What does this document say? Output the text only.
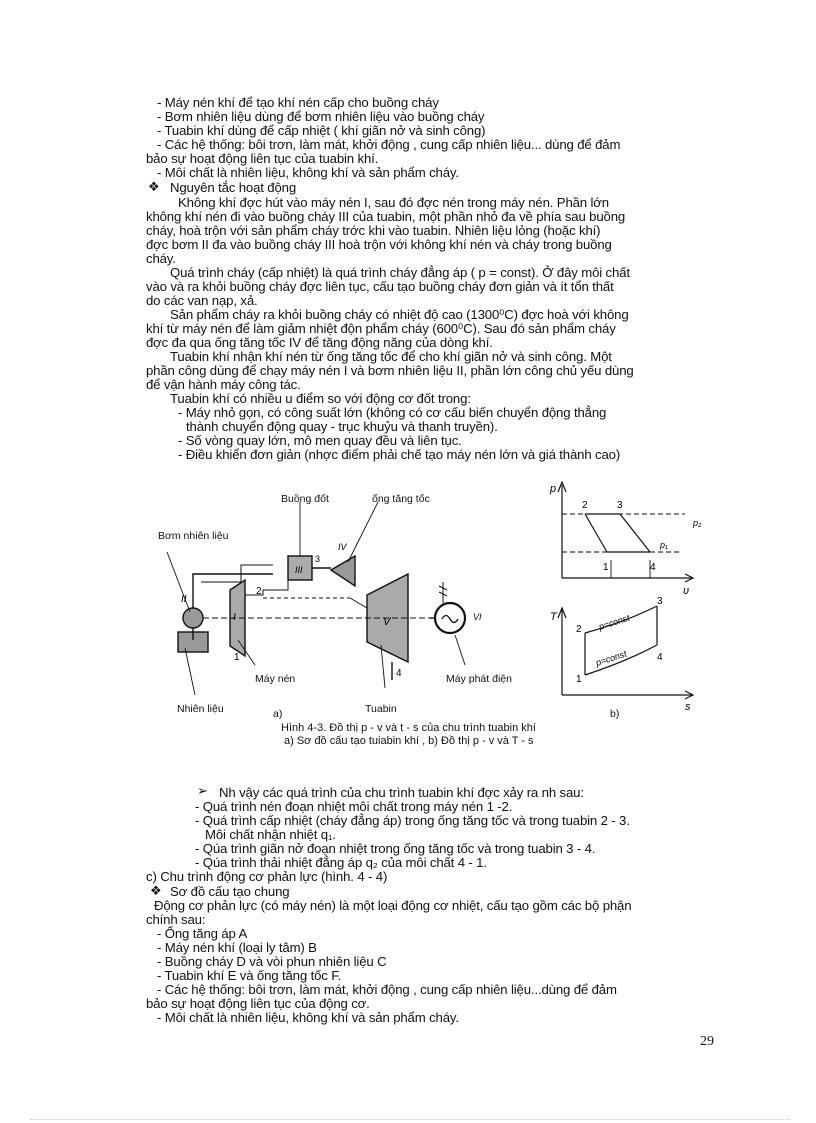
- Máy nén khí để tạo khí nén cấp cho buồng cháy
- Bơm nhiên liệu dùng để bơm nhiên liệu vào buồng cháy
- Tuabin khí dùng để cấp nhiệt ( khí giãn nở và sinh công)
- Các hệ thống: bôi trơn, làm mát, khởi động , cung cấp nhiên liệu... dùng để đảm
bảo sự hoạt động liên tục của tuabin khí.
- Môi chất là nhiên liệu, không khí và sản phẩm cháy.
❖ Nguyên tắc hoạt động
Không khí đợc hút vào máy nén I, sau đó đợc nén trong máy nén. Phần lớn
không khí nén đi vào buồng cháy III của tuabin, một phần nhỏ đa về phía sau buồng
cháy, hoà trộn với sản phẩm cháy trớc khi vào tuabin. Nhiên liệu lỏng (hoặc khí)
đợc bơm II đa vào buồng cháy III hoà trộn với không khí nén và cháy trong buồng
cháy.
Quá trình cháy (cấp nhiệt) là quá trình cháy đẳng áp ( p = const). Ở đây môi chất
vào và ra khỏi buồng cháy đợc liên tục, cấu tạo buồng cháy đơn giản và ít tổn thất
do các van nạp, xả.
Sản phẩm cháy ra khỏi buồng cháy có nhiệt độ cao (1300⁰C) đợc hoà với không
khí từ máy nén để làm giảm nhiệt độn phẩm cháy (600⁰C). Sau đó sản phẩm cháy
đợc đa qua ống tăng tốc IV để tăng động năng của dòng khí.
Tuabin khí nhận khí nén từ ống tăng tốc để cho khí giãn nở và sinh công. Một
phần công dùng để chạy máy nén I và bơm nhiên liệu II, phần lớn công chủ yếu dùng
để vận hành máy công tác.
Tuabin khí có nhiều u điểm so với động cơ đốt trong:
- Máy nhỏ gọn, có công suất lớn (không có cơ cấu biến chuyển động thẳng
thành chuyển động quay - trục khuỷu và thanh truyền).
- Số vòng quay lớn, mô men quay đều và liên tục.
- Điều khiển đơn giản (nhợc điểm phải chế tạo máy nén lớn và giá thành cao)
II
I
III
IV
V	VI
1
2
3
4
p
υ
p₂
p₁
1
2	3
4
T
s
p=const
p=const
1
2
3
4
Buồng đốt	ống tăng tốc
Bơm nhiên liệu
Máy nén	Máy phát điện
Nhiên liệu	Tuabin
a)	b)
Hình 4-3. Đồ thị p - v và t - s của chu trình tuabin khí
a) Sơ đồ cấu tạo tuiabin khí , b) Đồ thị p - v và T - s
➢ Nh vậy các quá trình của chu trình tuabin khí đợc xảy ra nh sau:
- Quá trình nén đoạn nhiệt môi chất trong máy nén 1 -2.
- Quá trình cấp nhiệt (cháy đẳng áp) trong ống tăng tốc và trong tuabin 2 - 3.
Môi chất nhận nhiệt q₁.
- Qúa trình giãn nở đoạn nhiệt trong ống tăng tốc và trong tuabin 3 - 4.
- Qúa trình thải nhiệt đẳng áp q₂ của môi chất 4 - 1.
c) Chu trình động cơ phản lực (hình. 4 - 4)
❖ Sơ đồ cấu tạo chung
Động cơ phản lực (có máy nén) là một loại động cơ nhiệt, cấu tạo gồm các bộ phận
chính sau:
- Ống tăng áp A
- Máy nén khí (loại ly tâm) B
- Buồng cháy D và vòi phun nhiên liệu C
- Tuabin khí E và ống tăng tốc F.
- Các hệ thống: bôi trơn, làm mát, khởi động , cung cấp nhiên liệu...dùng để đảm
bảo sự hoạt động liên tục của động cơ.
- Môi chất là nhiên liệu, không khí và sản phẩm cháy.
29
